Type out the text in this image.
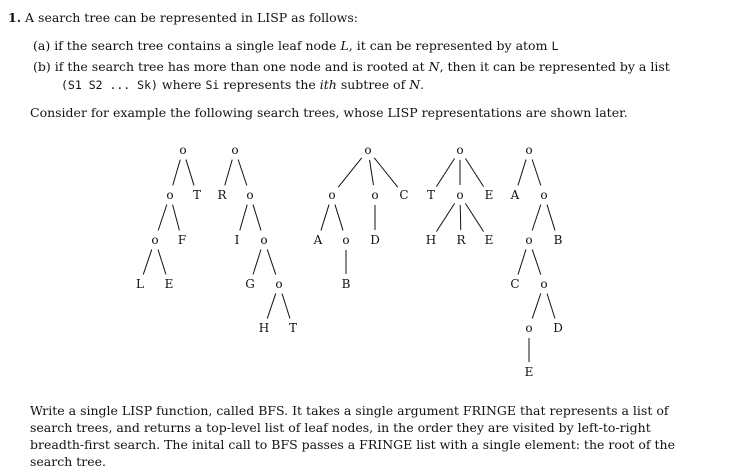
1. A search tree can be represented in LISP as follows:
(a) if the search tree contains a single leaf node L, it can be represented by atom L
(b) if the search tree has more than one node and is rooted at N, then it can be represented by a list
(S1 S2 ... Sk) where Si represents the ith subtree of N.
Consider for example the following search trees, whose LISP representations are shown later.
o
o T
o F
L E
o
R o
I o
G o
H T
o
o	o C
A o D
B
o
T o E
H R E
o
A o
o B
C o
o D
E
Write a single LISP function, called BFS. It takes a single argument FRINGE that represents a list of
search trees, and returns a top-level list of leaf nodes, in the order they are visited by left-to-right
breadth-first search. The inital call to BFS passes a FRINGE list with a single element: the root of the
search tree.
